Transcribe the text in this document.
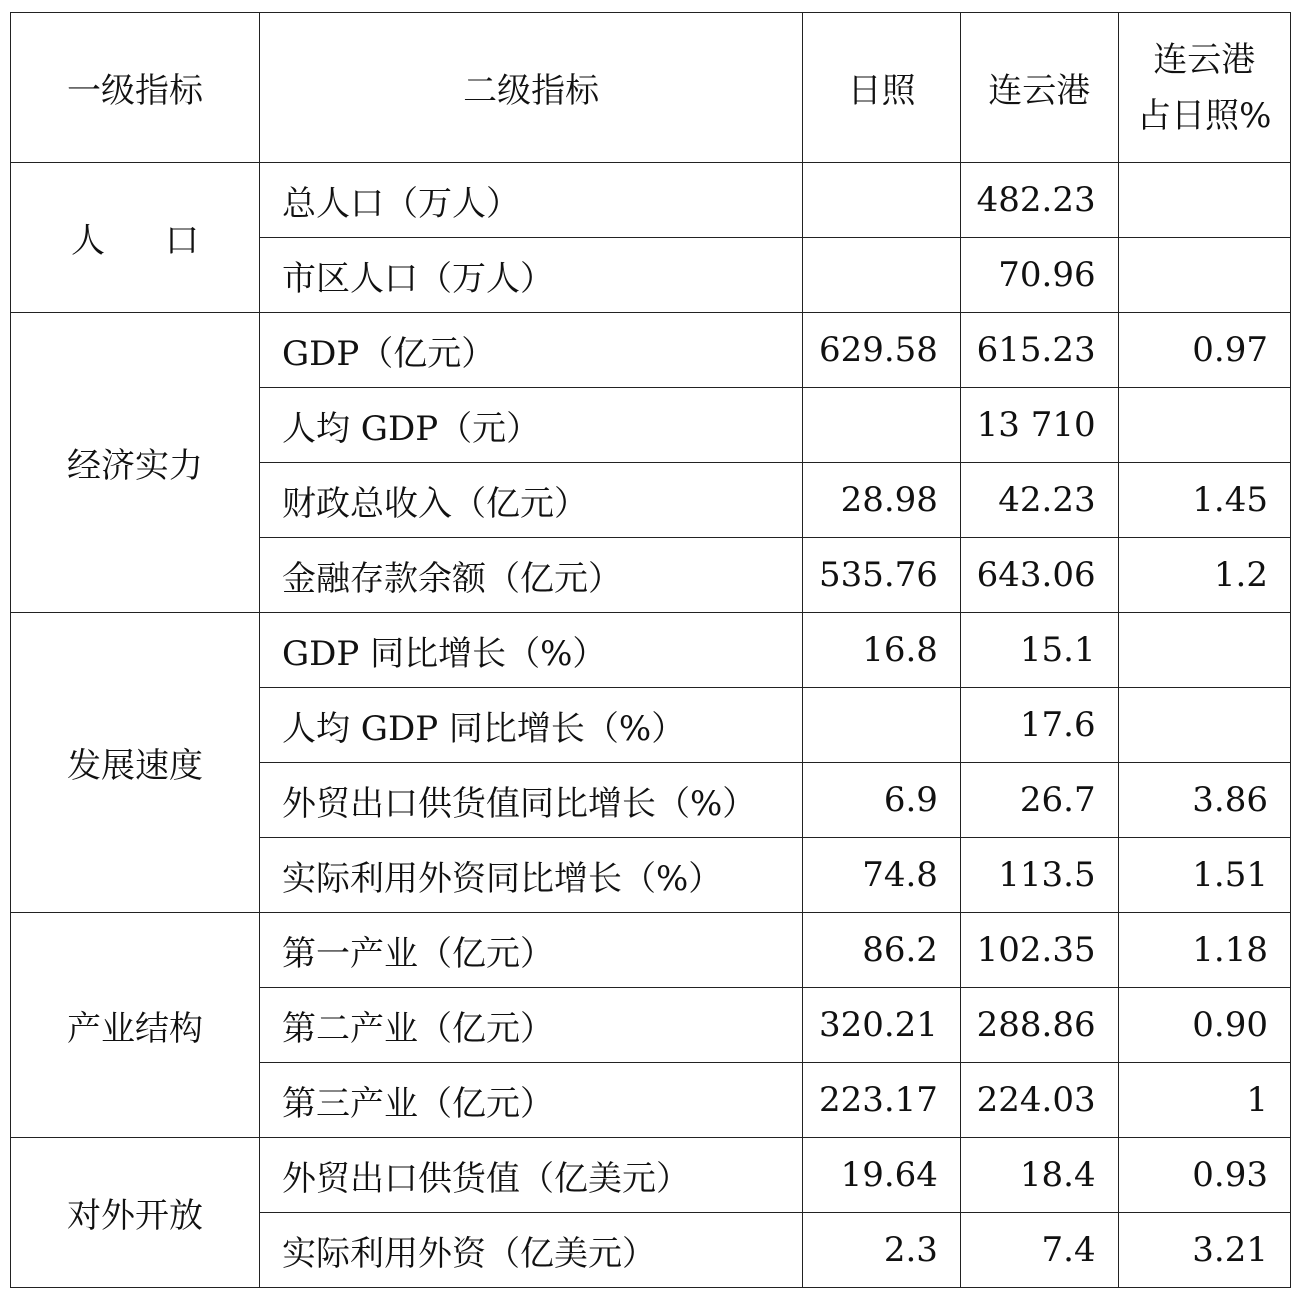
一级指标	二级指标	日照	连云港	连云港
占日照%

人口	总人口（万人）		482.23	
	市区人口（万人）		70.96	
经济实力	GDP（亿元）	629.58	615.23	0.97
	人均 GDP（元）		13 710	
	财政总收入（亿元）	28.98	42.23	1.45
	金融存款余额（亿元）	535.76	643.06	1.2
发展速度	GDP 同比增长（%）	16.8	15.1	
	人均 GDP 同比增长（%）		17.6	
	外贸出口供货值同比增长（%）	6.9	26.7	3.86
	实际利用外资同比增长（%）	74.8	113.5	1.51
产业结构	第一产业（亿元）	86.2	102.35	1.18
	第二产业（亿元）	320.21	288.86	0.90
	第三产业（亿元）	223.17	224.03	1
对外开放	外贸出口供货值（亿美元）	19.64	18.4	0.93
	实际利用外资（亿美元）	2.3	7.4	3.21
